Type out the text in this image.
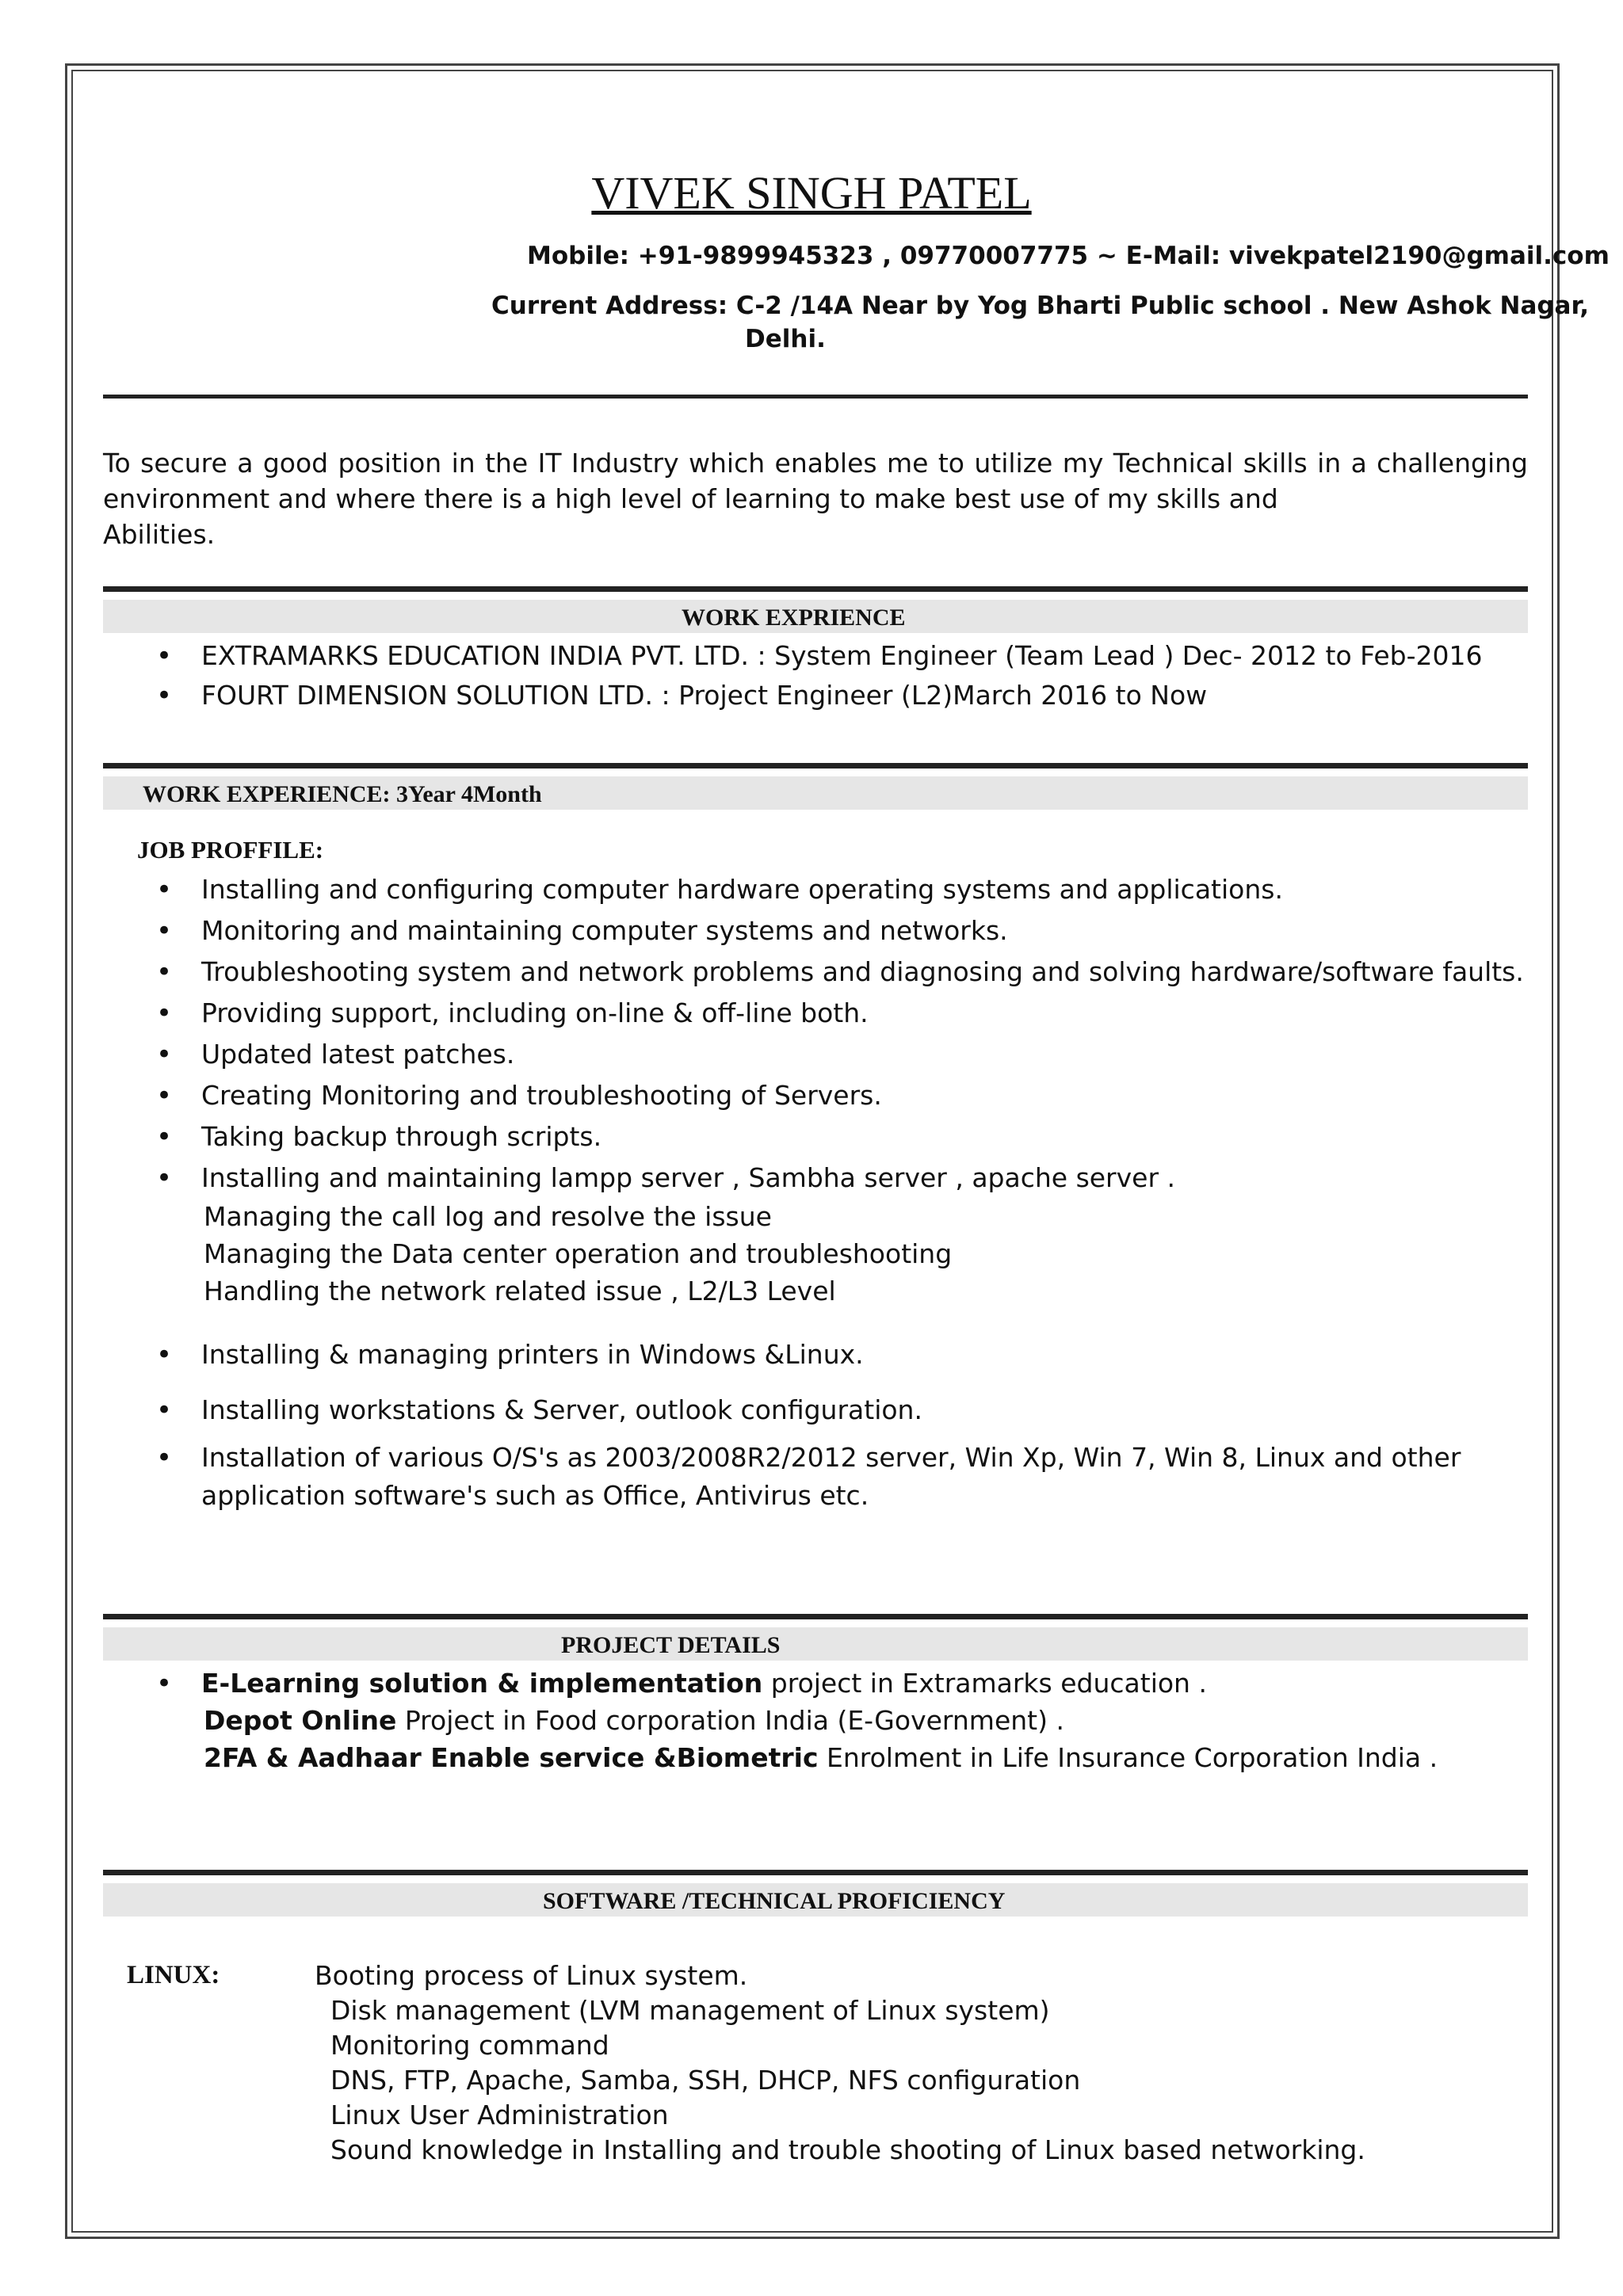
VIVEK SINGH PATEL
Mobile: +91-9899945323 , 09770007775 ~ E-Mail: vivekpatel2190@gmail.com
Current Address: C-2 /14A Near by Yog Bharti Public school . New Ashok Nagar,
Delhi.

To secure a good position in the IT Industry which enables me to utilize my Technical skills in a challenging

environment and where there is a high level of learning to make best use of my skills and

Abilities.

WORK EXPRIENCE
• EXTRAMARKS EDUCATION INDIA PVT. LTD. : System Engineer (Team Lead ) Dec- 2012 to Feb-2016
• FOURT DIMENSION SOLUTION LTD. : Project Engineer (L2)March 2016 to Now
WORK EXPERIENCE: 3Year 4Month
JOB PROFFILE:
• Installing and configuring computer hardware operating systems and applications.
• Monitoring and maintaining computer systems and networks.
• Troubleshooting system and network problems and diagnosing and solving hardware/software faults.
• Providing support, including on-line & off-line both.
• Updated latest patches.
• Creating Monitoring and troubleshooting of Servers.
• Taking backup through scripts.
• Installing and maintaining lampp server , Sambha server , apache server .
Managing the call log and resolve the issue
Managing the Data center operation and troubleshooting
Handling the network related issue , L2/L3 Level
• Installing & managing printers in Windows &Linux.
• Installing workstations & Server, outlook configuration.
• Installation of various O/S's as 2003/2008R2/2012 server, Win Xp, Win 7, Win 8, Linux and other
application software's such as Office, Antivirus etc.
PROJECT DETAILS
• E-Learning solution & implementation project in Extramarks education .
Depot Online Project in Food corporation India (E-Government) .
2FA & Aadhaar Enable service &Biometric Enrolment in Life Insurance Corporation India .
SOFTWARE /TECHNICAL PROFICIENCY
LINUX:	Booting process of Linux system.
Disk management (LVM management of Linux system)
Monitoring command
DNS, FTP, Apache, Samba, SSH, DHCP, NFS configuration
Linux User Administration
Sound knowledge in Installing and trouble shooting of Linux based networking.
